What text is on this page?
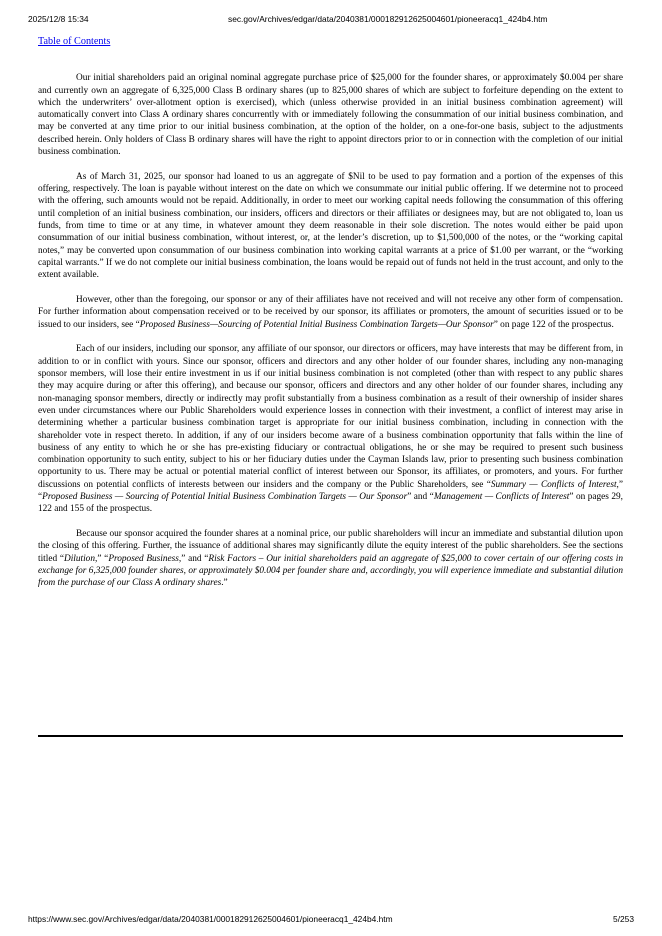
2025/12/8 15:34	sec.gov/Archives/edgar/data/2040381/000182912625004601/pioneeracq1_424b4.htm
Table of Contents

Our initial shareholders paid an original nominal aggregate purchase price of $25,000 for the founder shares, or approximately $0.004 per share and currently own an aggregate of 6,325,000 Class B ordinary shares (up to 825,000 shares of which are subject to forfeiture depending on the extent to which the underwriters’ over-allotment option is exercised), which (unless otherwise provided in an initial business combination agreement) will automatically convert into Class A ordinary shares concurrently with or immediately following the consummation of our initial business combination, and may be converted at any time prior to our initial business combination, at the option of the holder, on a one-for-one basis, subject to the adjustments described herein. Only holders of Class B ordinary shares will have the right to appoint directors prior to or in connection with the completion of our initial business combination.

As of March 31, 2025, our sponsor had loaned to us an aggregate of $Nil to be used to pay formation and a portion of the expenses of this offering, respectively. The loan is payable without interest on the date on which we consummate our initial public offering. If we determine not to proceed with the offering, such amounts would not be repaid. Additionally, in order to meet our working capital needs following the consummation of this offering until completion of an initial business combination, our insiders, officers and directors or their affiliates or designees may, but are not obligated to, loan us funds, from time to time or at any time, in whatever amount they deem reasonable in their sole discretion. The notes would either be paid upon consummation of our initial business combination, without interest, or, at the lender’s discretion, up to $1,500,000 of the notes, or the “working capital notes,” may be converted upon consummation of our business combination into working capital warrants at a price of $1.00 per warrant, or the “working capital warrants.” If we do not complete our initial business combination, the loans would be repaid out of funds not held in the trust account, and only to the extent available.

However, other than the foregoing, our sponsor or any of their affiliates have not received and will not receive any other form of compensation. For further information about compensation received or to be received by our sponsor, its affiliates or promoters, the amount of securities issued or to be issued to our insiders, see “Proposed Business—Sourcing of Potential Initial Business Combination Targets—Our Sponsor” on page 122 of the prospectus.

Each of our insiders, including our sponsor, any affiliate of our sponsor, our directors or officers, may have interests that may be different from, in addition to or in conflict with yours. Since our sponsor, officers and directors and any other holder of our founder shares, including any non-managing sponsor members, will lose their entire investment in us if our initial business combination is not completed (other than with respect to any public shares they may acquire during or after this offering), and because our sponsor, officers and directors and any other holder of our founder shares, including any non-managing sponsor members, directly or indirectly may profit substantially from a business combination as a result of their ownership of insider shares even under circumstances where our Public Shareholders would experience losses in connection with their investment, a conflict of interest may arise in determining whether a particular business combination target is appropriate for our initial business combination, including in connection with the shareholder vote in respect thereto. In addition, if any of our insiders become aware of a business combination opportunity that falls within the line of business of any entity to which he or she has pre-existing fiduciary or contractual obligations, he or she may be required to present such business combination opportunity to such entity, subject to his or her fiduciary duties under the Cayman Islands law, prior to presenting such business combination opportunity to us. There may be actual or potential material conflict of interest between our Sponsor, its affiliates, or promoters, and yours. For further discussions on potential conflicts of interests between our insiders and the company or the Public Shareholders, see “Summary — Conflicts of Interest,” “Proposed Business — Sourcing of Potential Initial Business Combination Targets — Our Sponsor” and “Management — Conflicts of Interest” on pages 29, 122 and 155 of the prospectus.

Because our sponsor acquired the founder shares at a nominal price, our public shareholders will incur an immediate and substantial dilution upon the closing of this offering. Further, the issuance of additional shares may significantly dilute the equity interest of the public shareholders. See the sections titled “Dilution,” “Proposed Business,” and “Risk Factors – Our initial shareholders paid an aggregate of $25,000 to cover certain of our offering costs in exchange for 6,325,000 founder shares, or approximately $0.004 per founder share and, accordingly, you will experience immediate and substantial dilution from the purchase of our Class A ordinary shares.”

https://www.sec.gov/Archives/edgar/data/2040381/000182912625004601/pioneeracq1_424b4.htm	5/253
